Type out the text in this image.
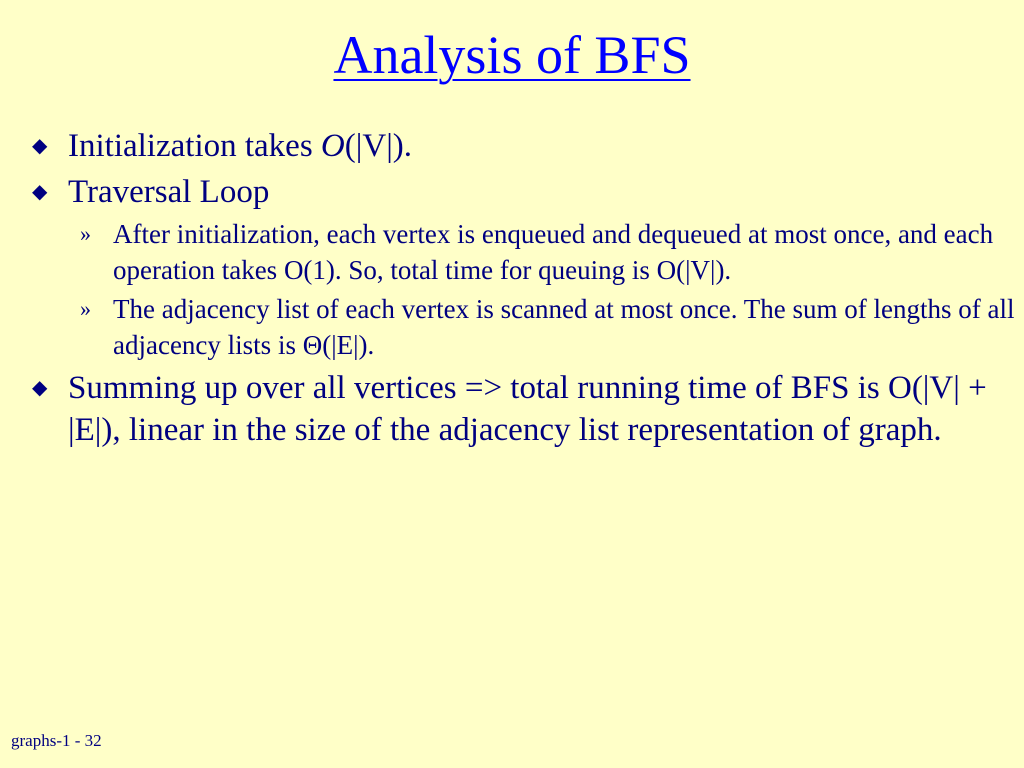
Analysis of BFS
◆ Initialization takes O(|V|).
◆ Traversal Loop
» After initialization, each vertex is enqueued and dequeued at most once, and each operation takes O(1). So, total time for queuing is O(|V|).
» The adjacency list of each vertex is scanned at most once. The sum of lengths of all adjacency lists is Θ(|E|).
◆ Summing up over all vertices => total running time of BFS is O(|V| + |E|), linear in the size of the adjacency list representation of graph.
graphs-1 - 32
